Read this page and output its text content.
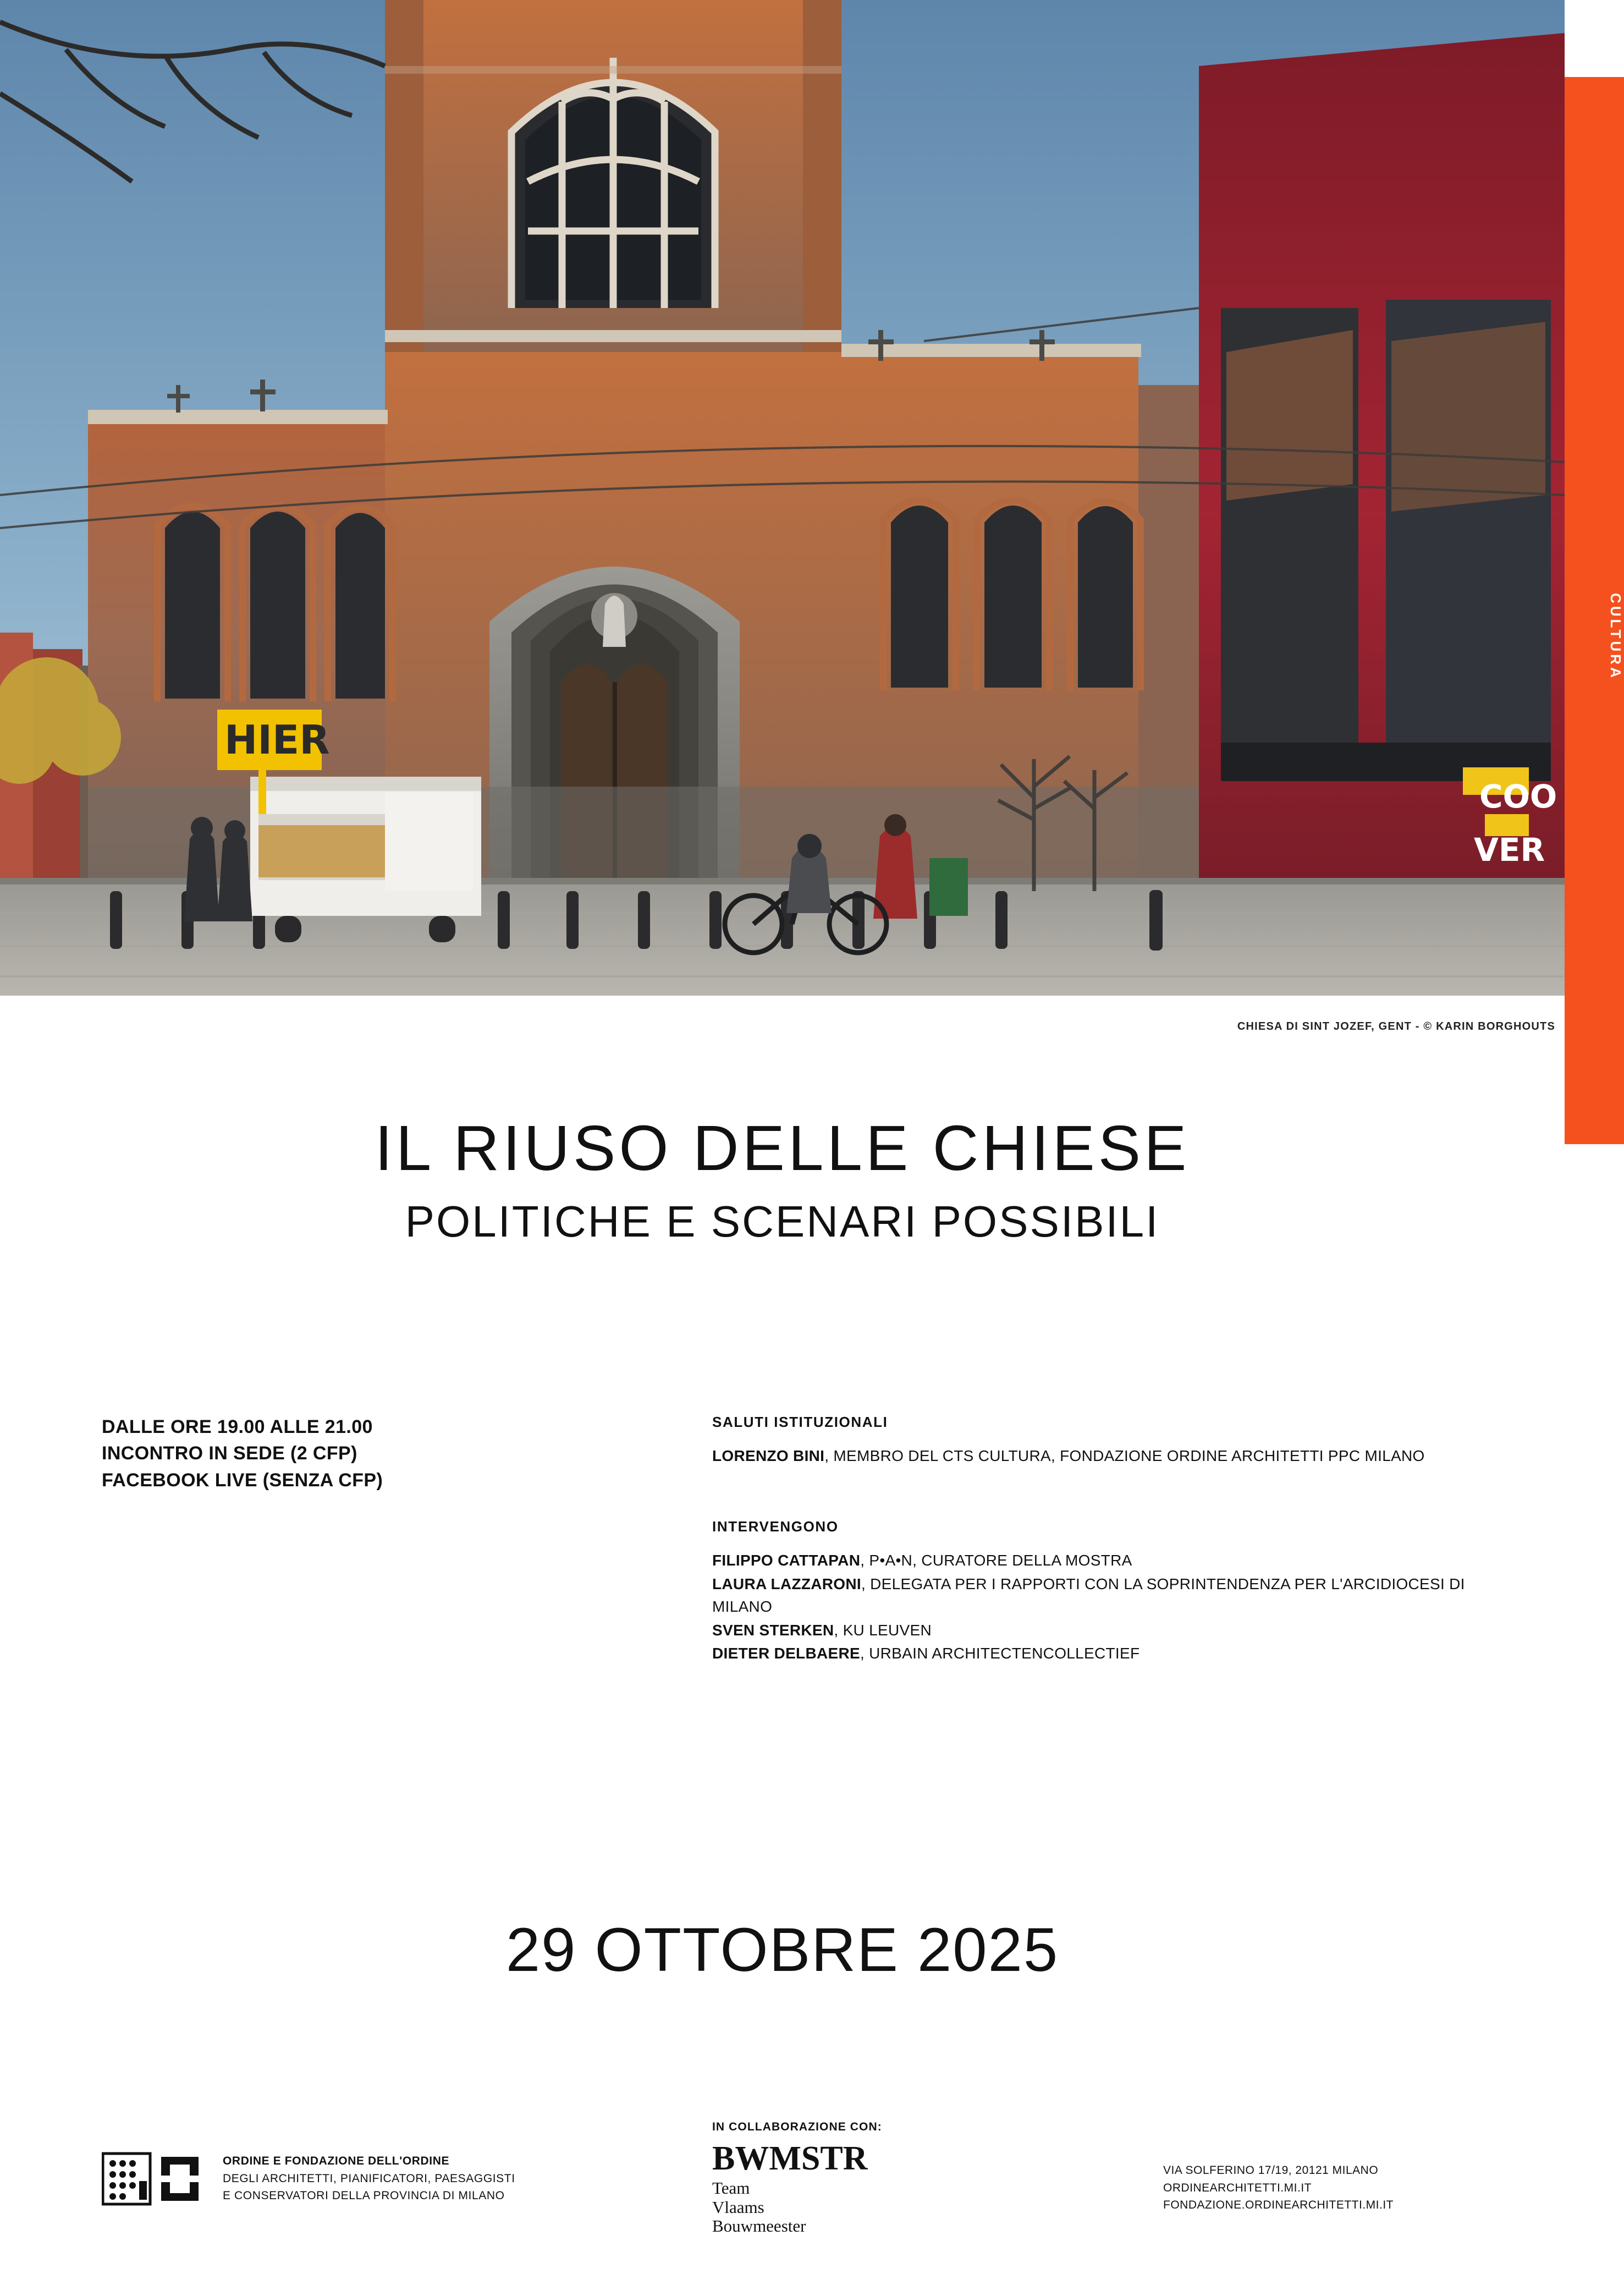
COO
VER
HIER
CULTURA
CHIESA DI SINT JOZEF, GENT - © KARIN BORGHOUTS
IL RIUSO DELLE CHIESE
POLITICHE E SCENARI POSSIBILI
DALLE ORE 19.00 ALLE 21.00
INCONTRO IN SEDE (2 CFP)
FACEBOOK LIVE (SENZA CFP)
SALUTI ISTITUZIONALI
LORENZO BINI, MEMBRO DEL CTS CULTURA, FONDAZIONE ORDINE ARCHITETTI PPC MILANO
INTERVENGONO
FILIPPO CATTAPAN, P•A•N, CURATORE DELLA MOSTRA
LAURA LAZZARONI, DELEGATA PER I RAPPORTI CON LA SOPRINTENDENZA PER L'ARCIDIOCESI DI MILANO
SVEN STERKEN, KU LEUVEN
DIETER DELBAERE, URBAIN ARCHITECTENCOLLECTIEF
29 OTTOBRE 2025
ORDINE E FONDAZIONE DELL'ORDINE
DEGLI ARCHITETTI, PIANIFICATORI, PAESAGGISTI
E CONSERVATORI DELLA PROVINCIA DI MILANO
IN COLLABORAZIONE CON:
BWMSTR
Team
Vlaams
Bouwmeester
VIA SOLFERINO 17/19, 20121 MILANO
ORDINEARCHITETTI.MI.IT
FONDAZIONE.ORDINEARCHITETTI.MI.IT
